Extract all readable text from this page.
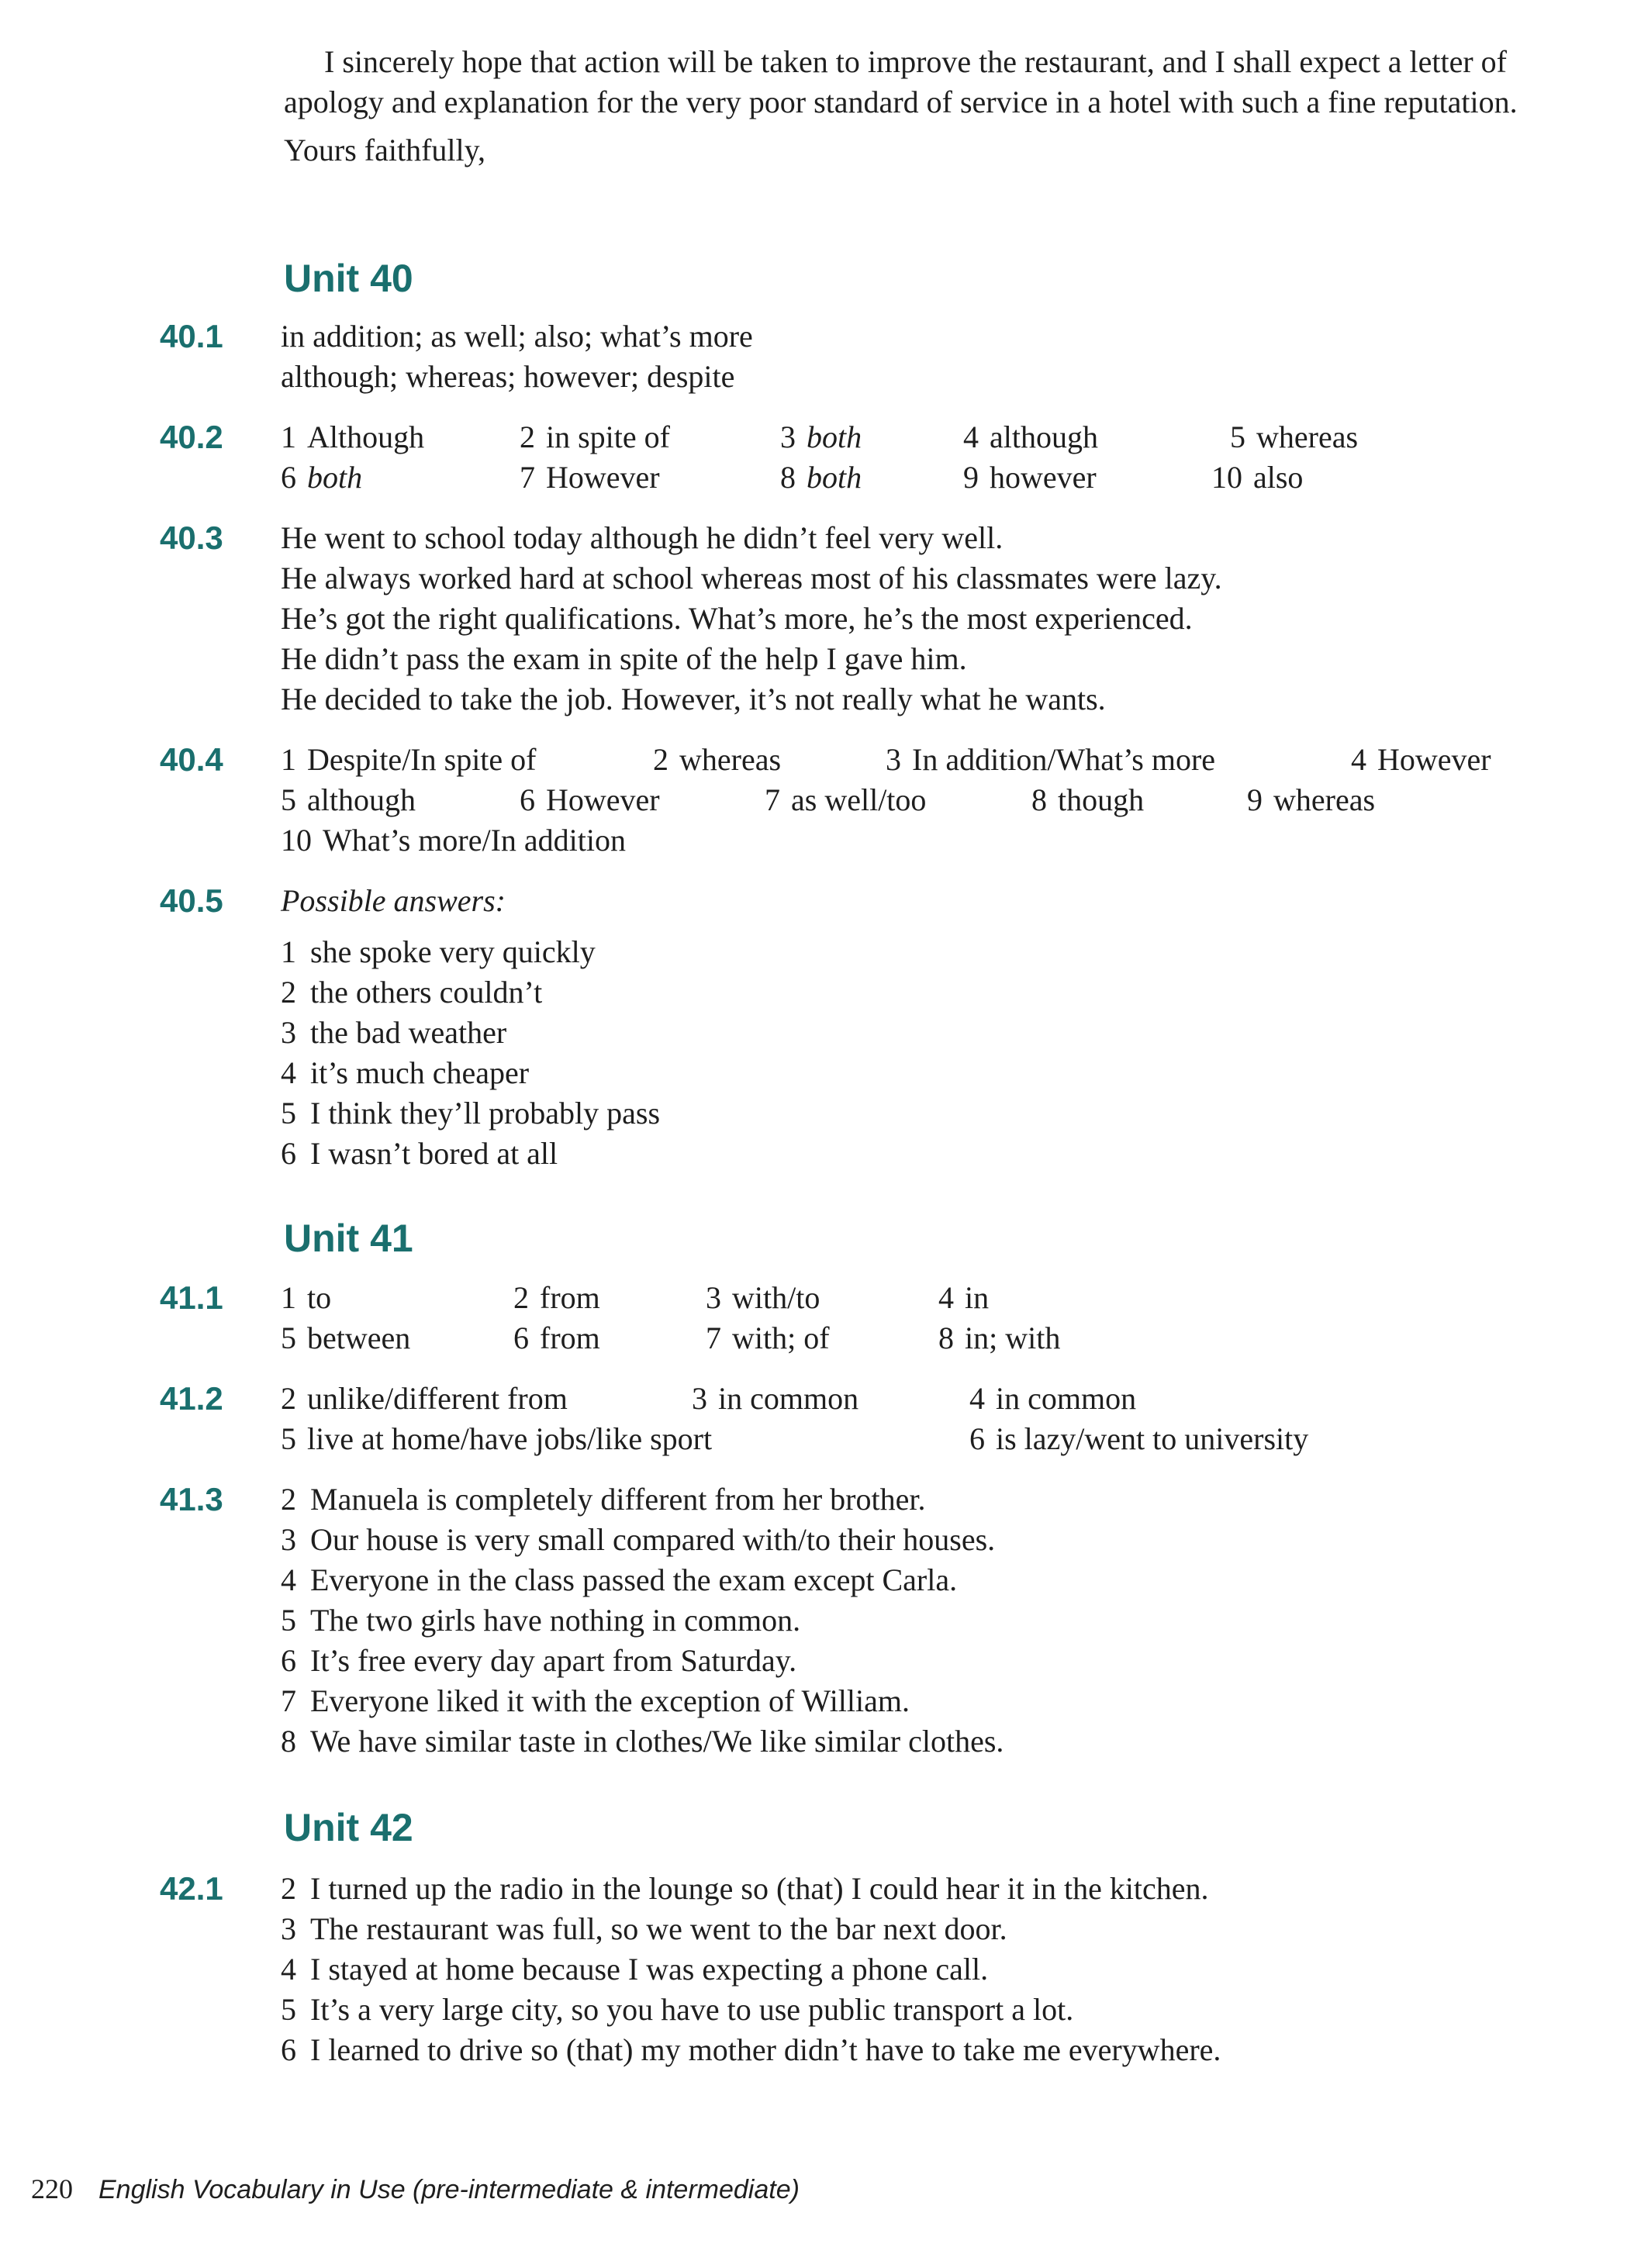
I sincerely hope that action will be taken to improve the restaurant, and I shall expect a letter of apology and explanation for the very poor standard of service in a hotel with such a fine reputation.

Yours faithfully,

Unit 40
40.1 in addition; as well; also; what’s more
although; whereas; however; despite
40.2 1 Although	2 in spite of	3 both	4 although	5 whereas
6 both	7 However	8 both	9 however	10 also
40.3 He went to school today although he didn’t feel very well.
He always worked hard at school whereas most of his classmates were lazy.
He’s got the right qualifications. What’s more, he’s the most experienced.
He didn’t pass the exam in spite of the help I gave him.
He decided to take the job. However, it’s not really what he wants.
40.4 1 Despite/In spite of	2 whereas	3 In addition/What’s more	4 However
5 although	6 However	7 as well/too	8 though	9 whereas
10 What’s more/In addition
40.5 Possible answers:
1 she spoke very quickly
2 the others couldn’t
3 the bad weather
4 it’s much cheaper
5 I think they’ll probably pass
6 I wasn’t bored at all
Unit 41
41.1 1 to	2 from	3 with/to	4 in
5 between	6 from	7 with; of	8 in; with
41.2 2 unlike/different from	3 in common	4 in common
5 live at home/have jobs/like sport	6 is lazy/went to university
41.3 2 Manuela is completely different from her brother.
3 Our house is very small compared with/to their houses.
4 Everyone in the class passed the exam except Carla.
5 The two girls have nothing in common.
6 It’s free every day apart from Saturday.
7 Everyone liked it with the exception of William.
8 We have similar taste in clothes/We like similar clothes.
Unit 42
42.1 2 I turned up the radio in the lounge so (that) I could hear it in the kitchen.
3 The restaurant was full, so we went to the bar next door.
4 I stayed at home because I was expecting a phone call.
5 It’s a very large city, so you have to use public transport a lot.
6 I learned to drive so (that) my mother didn’t have to take me everywhere.
220 English Vocabulary in Use (pre-intermediate & intermediate)
